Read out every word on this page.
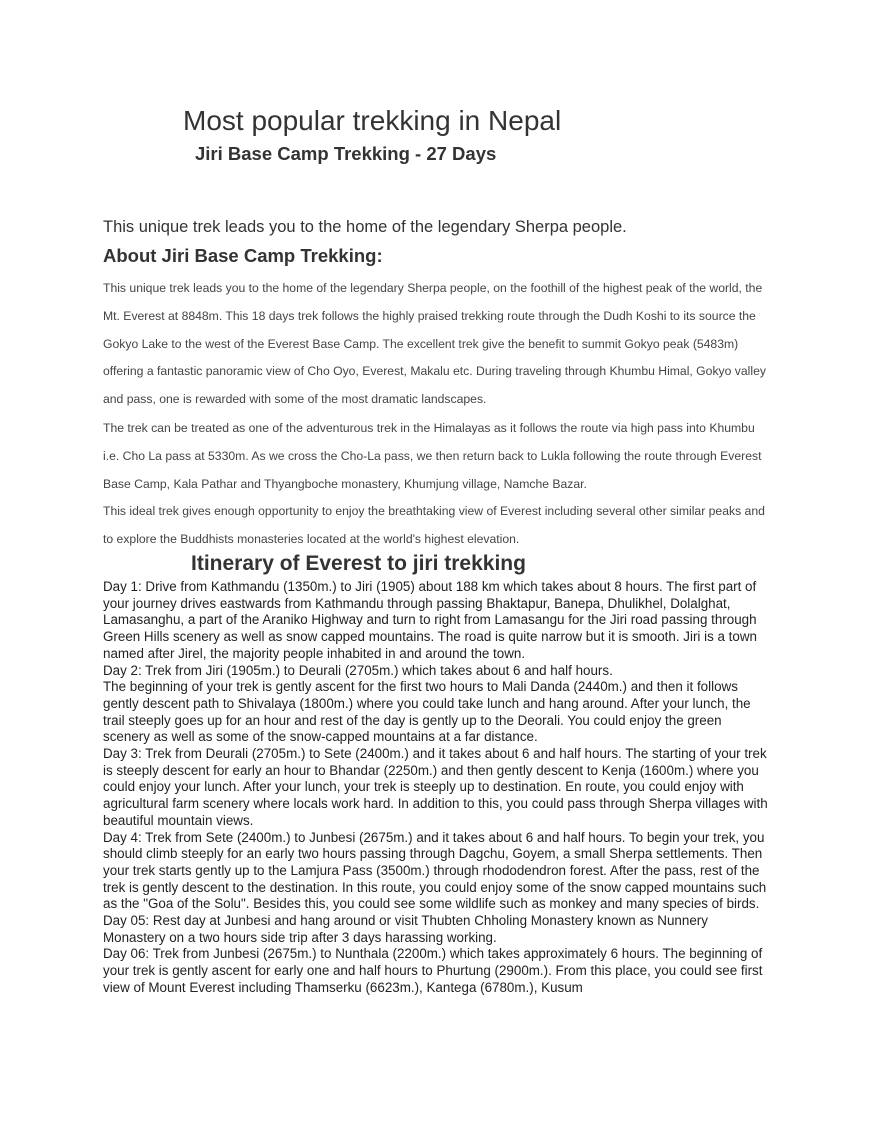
Most popular trekking in Nepal
Jiri Base Camp Trekking - 27 Days

This unique trek leads you to the home of the legendary Sherpa people.

About Jiri Base Camp Trekking:

This unique trek leads you to the home of the legendary Sherpa people, on the foothill of the highest peak of the world, the Mt. Everest at 8848m. This 18 days trek follows the highly praised trekking route through the Dudh Koshi to its source the Gokyo Lake to the west of the Everest Base Camp. The excellent trek give the benefit to summit Gokyo peak (5483m) offering a fantastic panoramic view of Cho Oyo, Everest, Makalu etc. During traveling through Khumbu Himal, Gokyo valley and pass, one is rewarded with some of the most dramatic landscapes.

The trek can be treated as one of the adventurous trek in the Himalayas as it follows the route via high pass into Khumbu i.e. Cho La pass at 5330m. As we cross the Cho-La pass, we then return back to Lukla following the route through Everest Base Camp, Kala Pathar and Thyangboche monastery, Khumjung village, Namche Bazar.

This ideal trek gives enough opportunity to enjoy the breathtaking view of Everest including several other similar peaks and to explore the Buddhists monasteries located at the world's highest elevation.

Itinerary of Everest to jiri trekking

Day 1: Drive from Kathmandu (1350m.) to Jiri (1905) about 188 km which takes about 8 hours. The first part of your journey drives eastwards from Kathmandu through passing Bhaktapur, Banepa, Dhulikhel, Dolalghat, Lamasanghu, a part of the Araniko Highway and turn to right from Lamasangu for the Jiri road passing through Green Hills scenery as well as snow capped mountains. The road is quite narrow but it is smooth. Jiri is a town named after Jirel, the majority people inhabited in and around the town.

Day 2: Trek from Jiri (1905m.) to Deurali (2705m.) which takes about 6 and half hours.

The beginning of your trek is gently ascent for the first two hours to Mali Danda (2440m.) and then it follows gently descent path to Shivalaya (1800m.) where you could take lunch and hang around. After your lunch, the trail steeply goes up for an hour and rest of the day is gently up to the Deorali. You could enjoy the green scenery as well as some of the snow-capped mountains at a far distance.

Day 3: Trek from Deurali (2705m.) to Sete (2400m.) and it takes about 6 and half hours. The starting of your trek is steeply descent for early an hour to Bhandar (2250m.) and then gently descent to Kenja (1600m.) where you could enjoy your lunch. After your lunch, your trek is steeply up to destination. En route, you could enjoy with agricultural farm scenery where locals work hard. In addition to this, you could pass through Sherpa villages with beautiful mountain views.

Day 4: Trek from Sete (2400m.) to Junbesi (2675m.) and it takes about 6 and half hours. To begin your trek, you should climb steeply for an early two hours passing through Dagchu, Goyem, a small Sherpa settlements. Then your trek starts gently up to the Lamjura Pass (3500m.) through rhododendron forest. After the pass, rest of the trek is gently descent to the destination. In this route, you could enjoy some of the snow capped mountains such as the "Goa of the Solu". Besides this, you could see some wildlife such as monkey and many species of birds.

Day 05: Rest day at Junbesi and hang around or visit Thubten Chholing Monastery known as Nunnery Monastery on a two hours side trip after 3 days harassing working.

Day 06: Trek from Junbesi (2675m.) to Nunthala (2200m.) which takes approximately 6 hours. The beginning of your trek is gently ascent for early one and half hours to Phurtung (2900m.). From this place, you could see first view of Mount Everest including Thamserku (6623m.), Kantega (6780m.), Kusum
